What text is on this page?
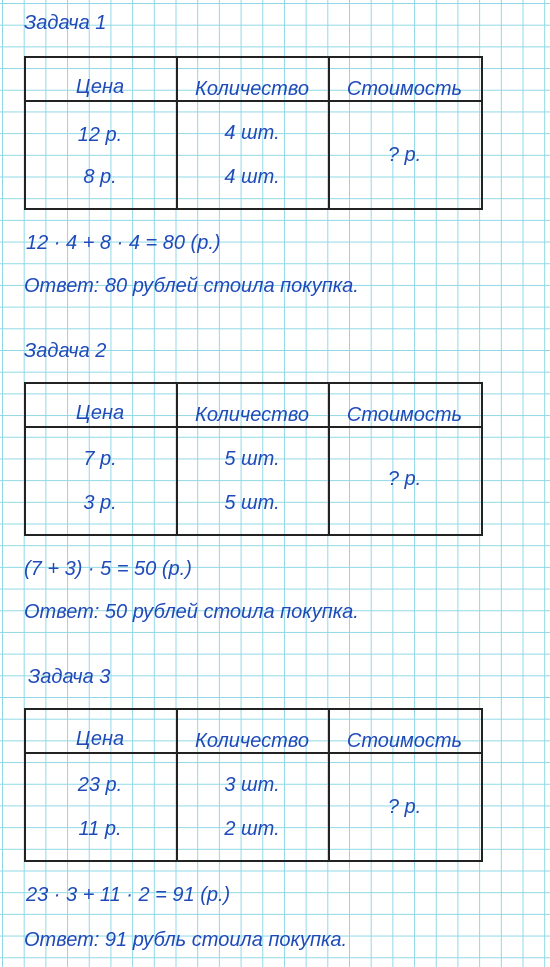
Задача 1
Цена	Количество	Стоимость
12 р.	4 шт.
8 р.	4 шт.
? р.
12 · 4 + 8 · 4 = 80 (р.)
Ответ: 80 рублей стоила покупка.
Задача 2
Цена	Количество	Стоимость
7 р.	5 шт.
3 р.	5 шт.
? р.
(7 + 3) · 5 = 50 (р.)
Ответ: 50 рублей стоила покупка.
Задача 3
Цена	Количество	Стоимость
23 р.	3 шт.
11 р.	2 шт.
? р.
23 · 3 + 11 · 2 = 91 (р.)
Ответ: 91 рубль стоила покупка.
